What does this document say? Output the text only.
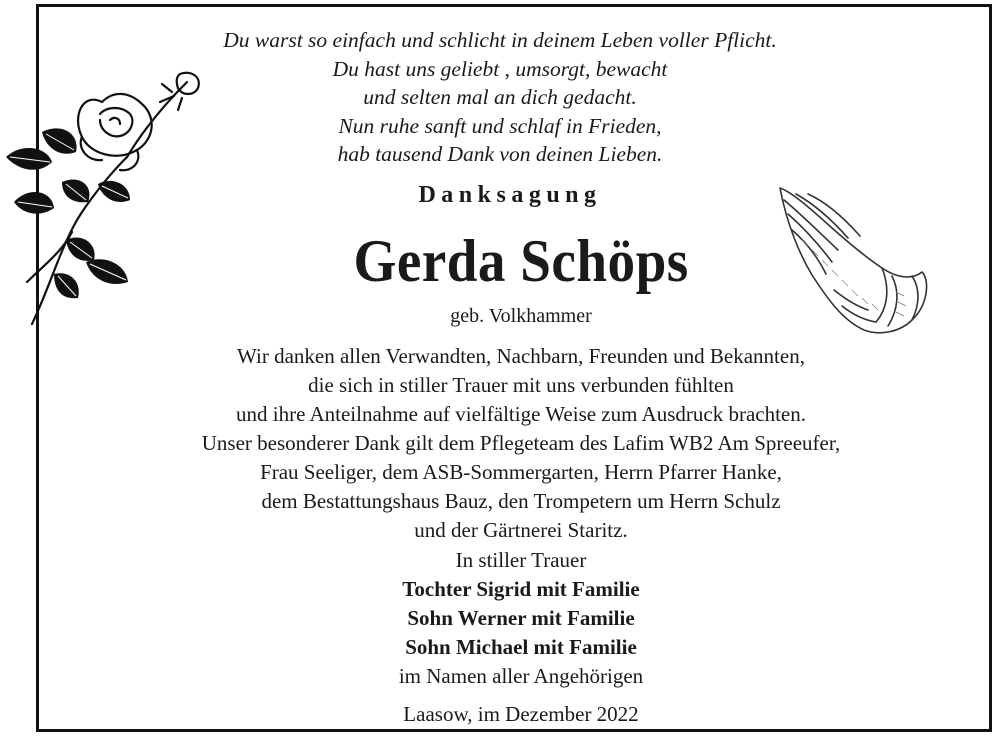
Du warst so einfach und schlicht in deinem Leben voller Pflicht.
Du hast uns geliebt , umsorgt, bewacht
und selten mal an dich gedacht.
Nun ruhe sanft und schlaf in Frieden,
hab tausend Dank von deinen Lieben.
Danksagung
Gerda Schöps
geb. Volkhammer
Wir danken allen Verwandten, Nachbarn, Freunden und Bekannten,
die sich in stiller Trauer mit uns verbunden fühlten
und ihre Anteilnahme auf vielfältige Weise zum Ausdruck brachten.
Unser besonderer Dank gilt dem Pflegeteam des Lafim WB2 Am Spreeufer,
Frau Seeliger, dem ASB-Sommergarten, Herrn Pfarrer Hanke,
dem Bestattungshaus Bauz, den Trompetern um Herrn Schulz
und der Gärtnerei Staritz.
In stiller Trauer
Tochter Sigrid mit Familie
Sohn Werner mit Familie
Sohn Michael mit Familie
im Namen aller Angehörigen
Laasow, im Dezember 2022
